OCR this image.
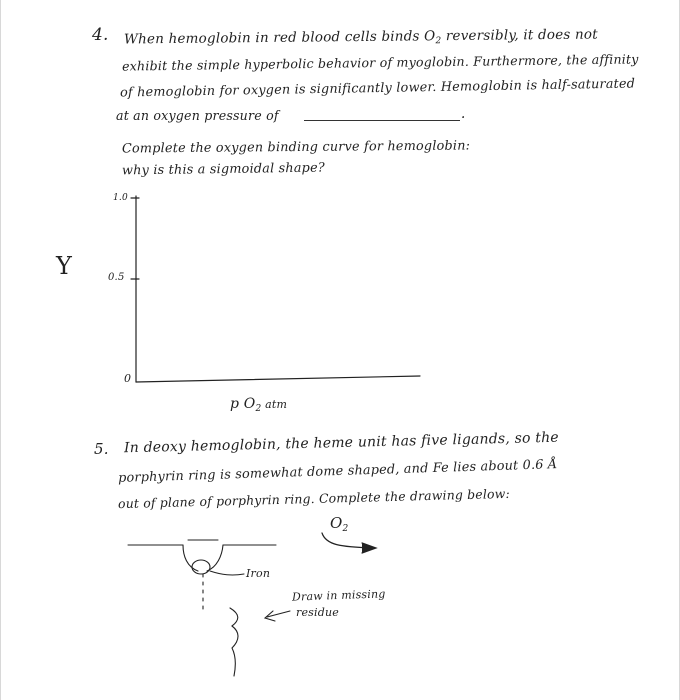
4. When hemoglobin in red blood cells binds $O_2$ reversibly, it does not
exhibit the simple hyperbolic behavior of myoglobin. Furthermore, the affinity
of hemoglobin for oxygen is significantly lower. Hemoglobin is half-saturated
at an oxygen pressure of	.
Complete the oxygen binding curve for hemoglobin:
why is this a sigmoidal shape?
Y
1.0
0.5
0
p $O_2$ atm
5. In deoxy hemoglobin, the heme unit has five ligands, so the
porphyrin ring is somewhat dome shaped, and Fe lies about 0.6 Å
out of plane of porphyrin ring. Complete the drawing below:
$O_2$
Iron
Draw in missing
residue
